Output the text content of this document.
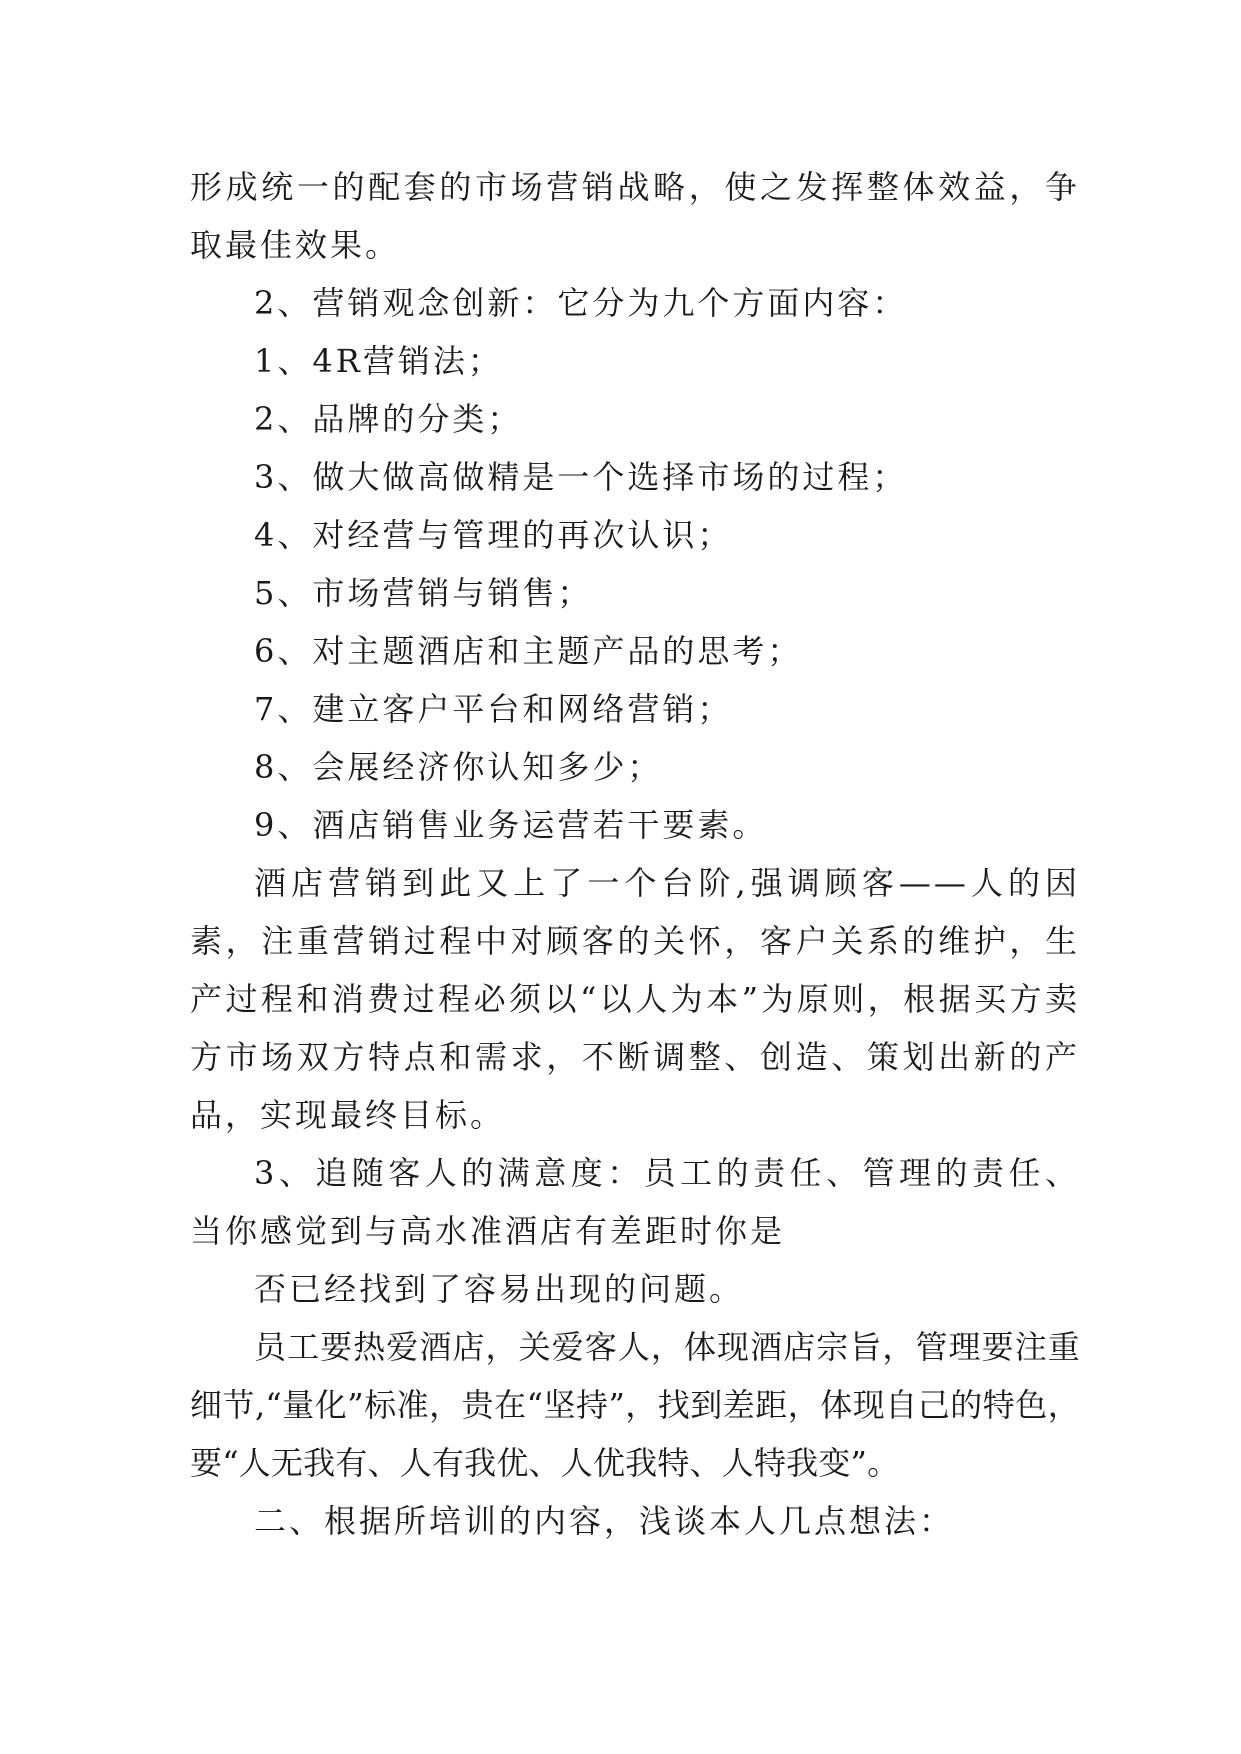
形成统一的配套的市场营销战略，使之发挥整体效益，争取最佳效果。

2、营销观念创新：它分为九个方面内容：

1、4R营销法；

2、品牌的分类；

3、做大做高做精是一个选择市场的过程；

4、对经营与管理的再次认识；

5、市场营销与销售；

6、对主题酒店和主题产品的思考；

7、建立客户平台和网络营销；

8、会展经济你认知多少；

9、酒店销售业务运营若干要素。

酒店营销到此又上了一个台阶,强调顾客——人的因素，注重营销过程中对顾客的关怀，客户关系的维护，生产过程和消费过程必须以“以人为本”为原则，根据买方卖方市场双方特点和需求，不断调整、创造、策划出新的产品，实现最终目标。

3、追随客人的满意度：员工的责任、管理的责任、当你感觉到与高水准酒店有差距时你是

否已经找到了容易出现的问题。

员工要热爱酒店，关爱客人，体现酒店宗旨，管理要注重细节,“量化”标准，贵在“坚持”，找到差距，体现自己的特色，要“人无我有、人有我优、人优我特、人特我变”。

二、根据所培训的内容，浅谈本人几点想法：
